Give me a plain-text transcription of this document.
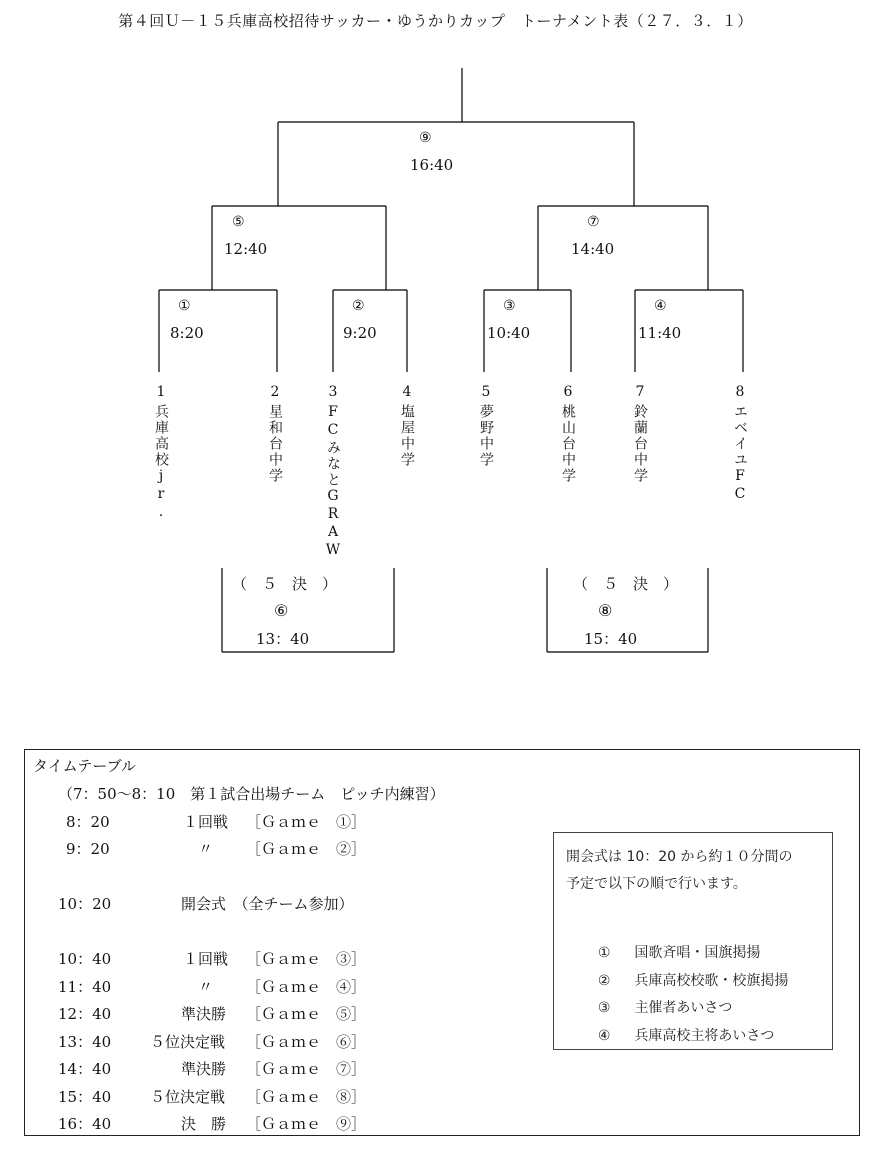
第４回Ｕ－１５兵庫高校招待サッカー・ゆうかりカップ　トーナメント表（２７．３．１）
⑨
16:40
⑤
12:40
⑦
14:40
①
8:20
②
9:20
③
10:40
④
11:40
1
兵庫高校jr.
2
星和台中学
3
FCみなとGRAW
4
塩屋中学
5
夢野中学
6
桃山台中学
7
鈴蘭台中学
8
エベイユFC
（　５　決　）
⑥
13：40
（　５　決　）
⑧
15：40
タイムテーブル
（7：50～8：10　第１試合出場チーム　ピッチ内練習）
8：20	１回戦 ［Ｇａｍｅ　①］
9：20	〃 ［Ｇａｍｅ　②］
10：20	開会式　（全チーム参加）
10：40	１回戦 ［Ｇａｍｅ　③］
11：40	〃 ［Ｇａｍｅ　④］
12：40	準決勝 ［Ｇａｍｅ　⑤］
13：40	５位決定戦 ［Ｇａｍｅ　⑥］
14：40	準決勝 ［Ｇａｍｅ　⑦］
15：40	５位決定戦 ［Ｇａｍｅ　⑧］
16：40	決　勝 ［Ｇａｍｅ　⑨］
開会式は 10：20 から約１０分間の
予定で以下の順で行います。

① 国歌斉唱・国旗掲揚

② 兵庫高校校歌・校旗掲揚

③ 主催者あいさつ

④ 兵庫高校主将あいさつ
